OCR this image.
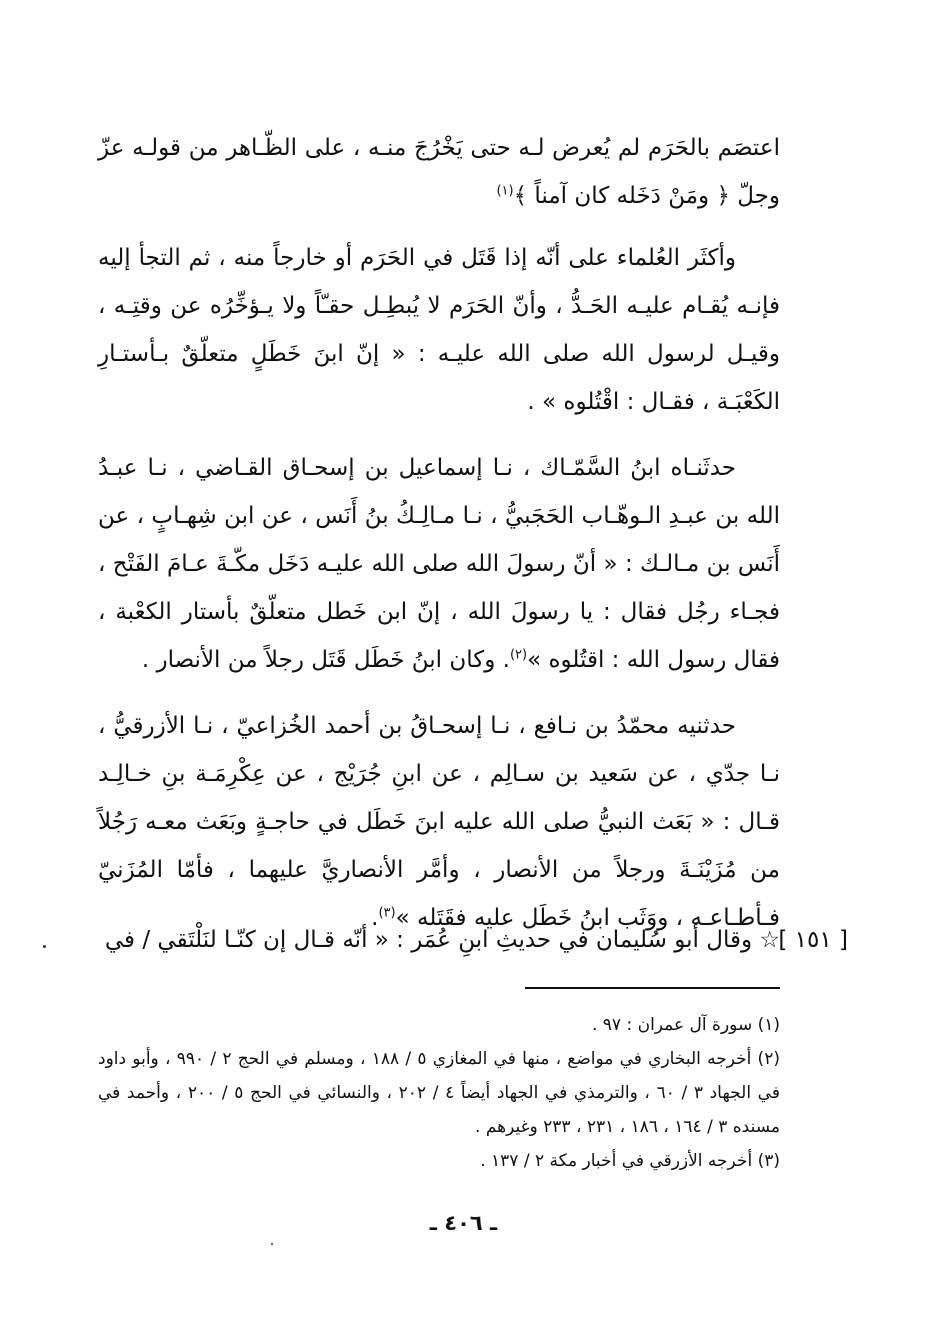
اعتصَم بالحَرَم لم يُعرض لـه حتى يَخْرُجَ منـه ، على الظّـاهر من قولـه عزّ وجلّ ﴿ ومَنْ دَخَله كان آمناً ﴾$^{(١)}$

وأكثَر العُلماء على أنّه إذا قَتَل في الحَرَم أو خارجاً منه ، ثم التجأ إليه فإنـه يُقـام عليـه الحَـدُّ ، وأنّ الحَرَم لا يُبطِـل حقـّاً ولا يـؤخِّرُه عن وقتِـه ، وقيـل لرسول الله صلى الله عليـه : « إنّ ابنَ خَطَلٍ متعلّقٌ بـأستـارِ الكَعْبَـة ، فقـال : اقْتُلوه » .

حدثَنـاه ابنُ السَّمّـاك ، نـا إسماعيل بن إسحـاق القـاضي ، نـا عبـدُ الله بن عبـدِ الـوهّـاب الحَجَبيُّ ، نـا مـالِـكُ بنُ أَنَس ، عن ابن شِهـابٍ ، عن أَنَس بن مـالـك : « أنّ رسولَ الله صلى الله عليـه دَخَل مكّـةَ عـامَ الفَتْح ، فجـاء رجُل فقال : يا رسولَ الله ، إنّ ابن خَطل متعلّقٌ بأستار الكعْبة ، فقال رسول الله : اقتُلوه »$^{(٢)}$. وكان ابنُ خَطَل قَتَل رجلاً من الأنصار .

حدثنيه محمّدُ بن نـافع ، نـا إسحـاقُ بن أحمد الخُزاعيّ ، نـا الأزرقيُّ ، نـا جدّي ، عن سَعيد بن سـالِم ، عن ابنِ جُرَيْج ، عن عِكْرِمَـة بنِ خـالِـد قـال : « بَعَث النبيُّ صلى الله عليه ابنَ خَطَل في حاجـةٍ وبَعَث معـه رَجُلاً من مُزَيْنَـةَ ورجلاً من الأنصار ، وأمَّر الأنصاريَّ عليهما ، فأمّا المُزَنيّ فـأطـاعـه ، ووَثَب ابنُ خَطَل عليه فقَتَله »$^{(٣)}$.

[ ١٥١ ]
☆ وقال أبو سُليمان في حديثِ ابنِ عُمَر : « أنّه قـال إن كنّـا لنَلْتَقي / في

(١) سورة آل عمران : ٩٧ .

(٢) أخرجه البخاري في مواضع ، منها في المغازي ٥ / ١٨٨ ، ومسلم في الحج ٢ / ٩٩٠ ، وأبو داود في الجهاد ٣ / ٦٠ ، والترمذي في الجهاد أيضاً ٤ / ٢٠٢ ، والنسائي في الحج ٥ / ٢٠٠ ، وأحمد في مسنده ٣ / ١٦٤ ، ١٨٦ ، ٢٣١ ، ٢٣٣ وغيرهم .

(٣) أخرجه الأزرقي في أخبار مكة ٢ / ١٣٧ .

ـ ٤٠٦ ـ
